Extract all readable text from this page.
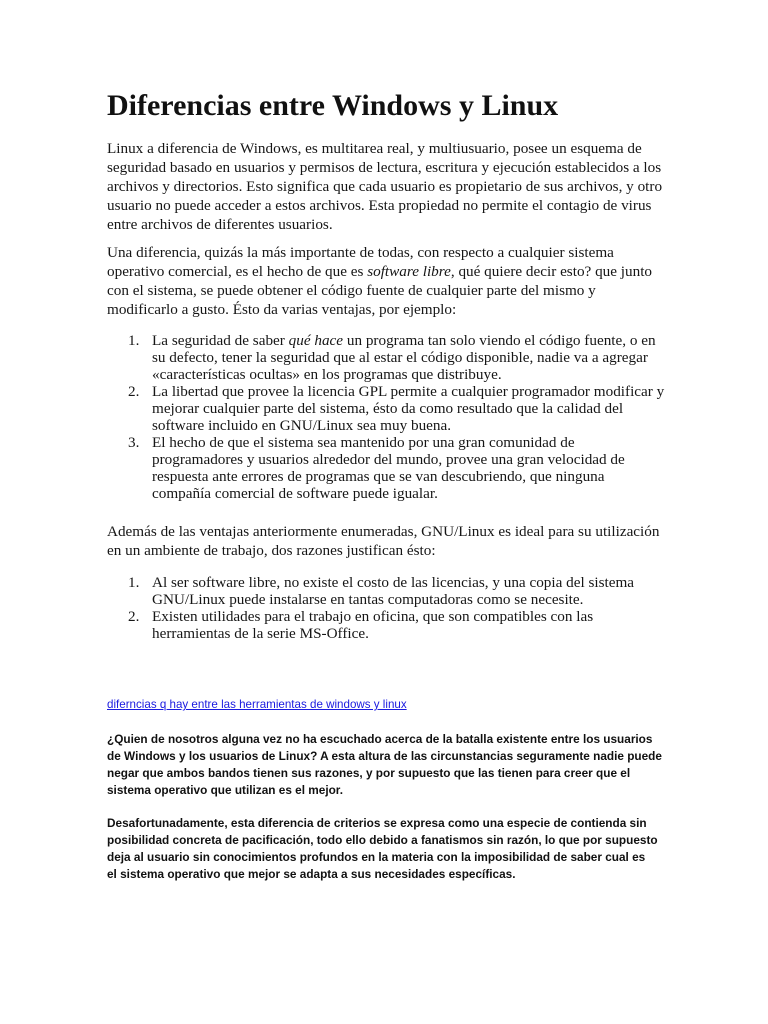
Diferencias entre Windows y Linux
Linux a diferencia de Windows, es multitarea real, y multiusuario, posee un esquema de
seguridad basado en usuarios y permisos de lectura, escritura y ejecución establecidos a los
archivos y directorios. Esto significa que cada usuario es propietario de sus archivos, y otro
usuario no puede acceder a estos archivos. Esta propiedad no permite el contagio de virus
entre archivos de diferentes usuarios.
Una diferencia, quizás la más importante de todas, con respecto a cualquier sistema
operativo comercial, es el hecho de que es software libre, qué quiere decir esto? que junto
con el sistema, se puede obtener el código fuente de cualquier parte del mismo y
modificarlo a gusto. Ésto da varias ventajas, por ejemplo:
1. La seguridad de saber qué hace un programa tan solo viendo el código fuente, o en
su defecto, tener la seguridad que al estar el código disponible, nadie va a agregar
«características ocultas» en los programas que distribuye.
2. La libertad que provee la licencia GPL permite a cualquier programador modificar y
mejorar cualquier parte del sistema, ésto da como resultado que la calidad del
software incluido en GNU/Linux sea muy buena.
3. El hecho de que el sistema sea mantenido por una gran comunidad de
programadores y usuarios alrededor del mundo, provee una gran velocidad de
respuesta ante errores de programas que se van descubriendo, que ninguna
compañía comercial de software puede igualar.
Además de las ventajas anteriormente enumeradas, GNU/Linux es ideal para su utilización
en un ambiente de trabajo, dos razones justifican ésto:
1. Al ser software libre, no existe el costo de las licencias, y una copia del sistema
GNU/Linux puede instalarse en tantas computadoras como se necesite.
2. Existen utilidades para el trabajo en oficina, que son compatibles con las
herramientas de la serie MS-Office.
diferncias q hay entre las herramientas de windows y linux
¿Quien de nosotros alguna vez no ha escuchado acerca de la batalla existente entre los usuarios
de Windows y los usuarios de Linux? A esta altura de las circunstancias seguramente nadie puede
negar que ambos bandos tienen sus razones, y por supuesto que las tienen para creer que el
sistema operativo que utilizan es el mejor.
Desafortunadamente, esta diferencia de criterios se expresa como una especie de contienda sin
posibilidad concreta de pacificación, todo ello debido a fanatismos sin razón, lo que por supuesto
deja al usuario sin conocimientos profundos en la materia con la imposibilidad de saber cual es
el sistema operativo que mejor se adapta a sus necesidades específicas.
